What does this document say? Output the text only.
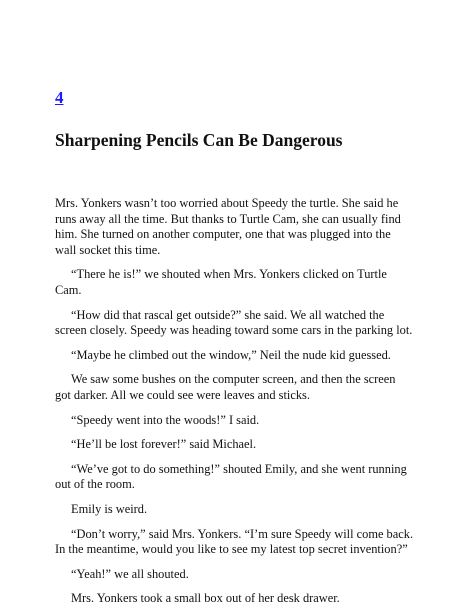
4
Sharpening Pencils Can Be Dangerous

Mrs. Yonkers wasn’t too worried about Speedy the turtle. She said he runs away all the time. But thanks to Turtle Cam, she can usually find him. She turned on another computer, one that was plugged into the wall socket this time.

“There he is!” we shouted when Mrs. Yonkers clicked on Turtle Cam.

“How did that rascal get outside?” she said. We all watched the screen closely. Speedy was heading toward some cars in the parking lot.

“Maybe he climbed out the window,” Neil the nude kid guessed.

We saw some bushes on the computer screen, and then the screen got darker. All we could see were leaves and sticks.

“Speedy went into the woods!” I said.

“He’ll be lost forever!” said Michael.

“We’ve got to do something!” shouted Emily, and she went running out of the room.

Emily is weird.

“Don’t worry,” said Mrs. Yonkers. “I’m sure Speedy will come back. In the meantime, would you like to see my latest top secret invention?”

“Yeah!” we all shouted.

Mrs. Yonkers took a small box out of her desk drawer.
